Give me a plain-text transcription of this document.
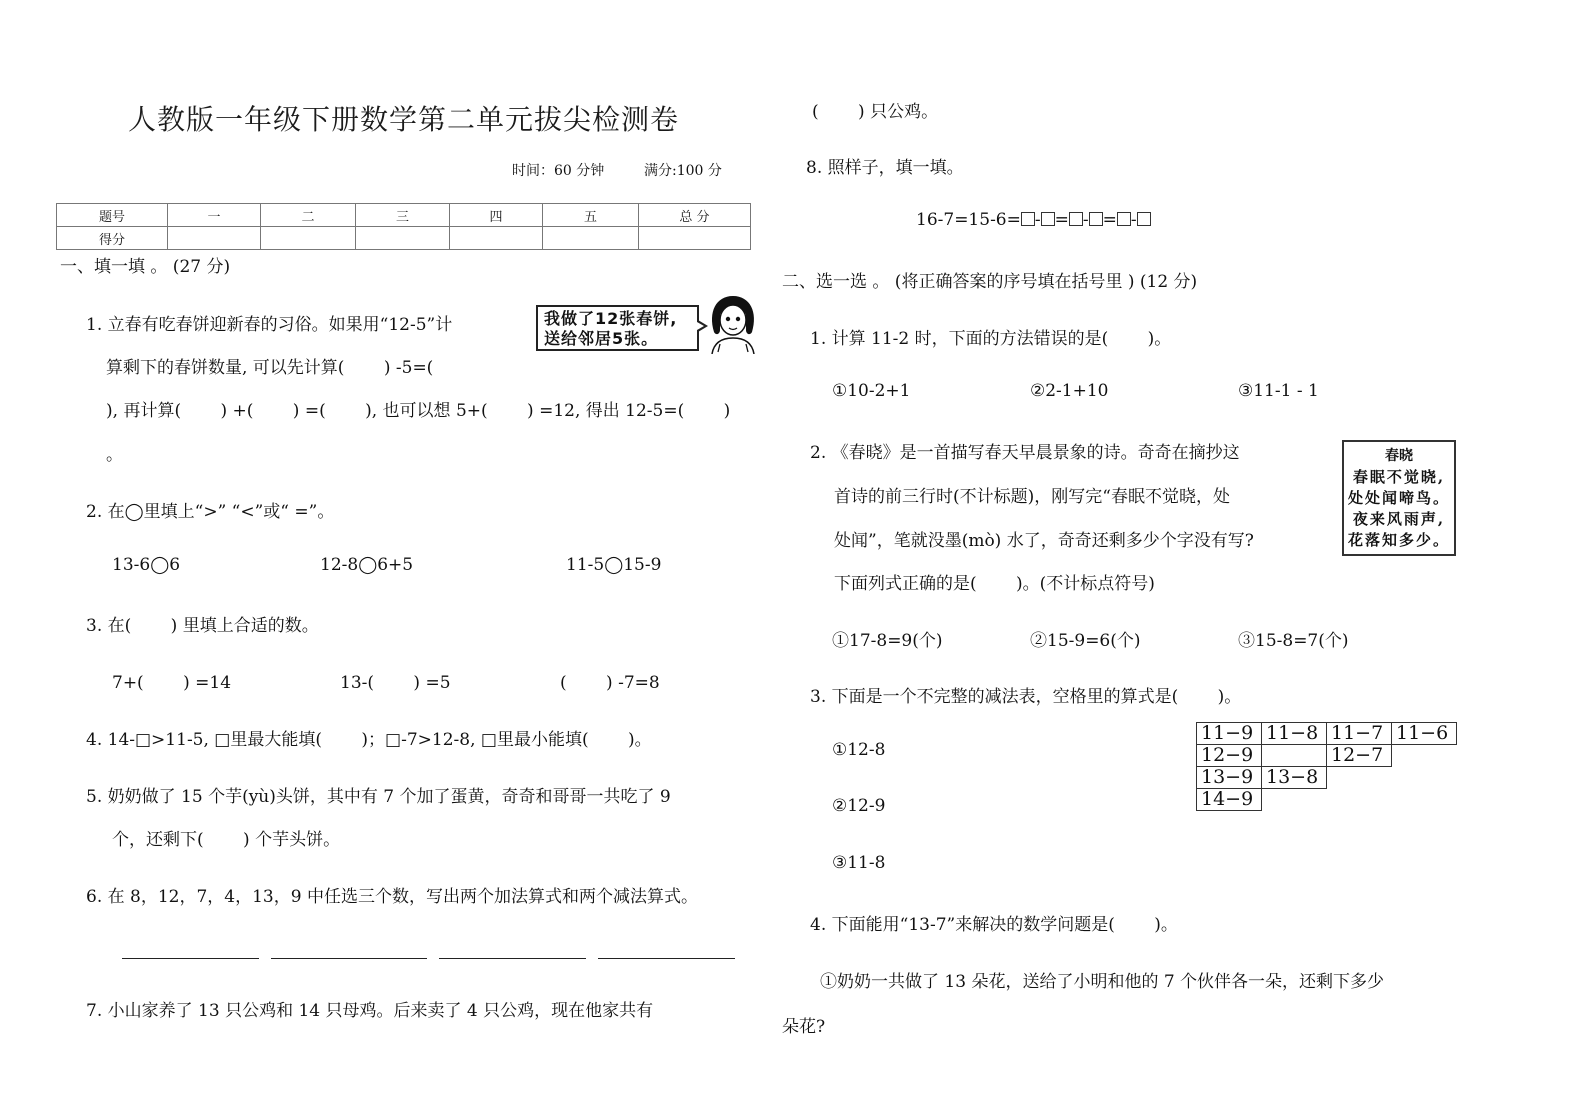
人教版一年级下册数学第二单元拔尖检测卷
时间：60 分钟	满分:100 分
题号	一	二	三	四	五	总 分
得分						
一、填一填 。 (27 分)
1. 立春有吃春饼迎新春的习俗。如果用“12-5”计
算剩下的春饼数量, 可以先计算(　　 ) -5=(
), 再计算(　　 ) +(　　 ) =(　　 ), 也可以想 5+(　　 ) =12, 得出 12-5=(　　 )
。
我做了12张春饼,
送给邻居5张。
2. 在◯里填上“>” “<”或“ =”。
13-6◯6	12-8◯6+5	11-5◯15-9
3. 在(　　 ) 里填上合适的数。
7+(　　 ) =14	13-(　　 ) =5	(　　 ) -7=8
4. 14-□>11-5, □里最大能填(　　 )；□-7>12-8, □里最小能填(　　 )。
5. 奶奶做了 15 个芋(yù)头饼，其中有 7 个加了蛋黄，奇奇和哥哥一共吃了 9
个，还剩下(　　 ) 个芋头饼。
6. 在 8，12，7，4，13，9 中任选三个数，写出两个加法算式和两个减法算式。
7. 小山家养了 13 只公鸡和 14 只母鸡。后来卖了 4 只公鸡，现在他家共有
(　　 ) 只公鸡。
8. 照样子，填一填。
16-7=15-6= - = - = -
二、选一选 。 (将正确答案的序号填在括号里 ) (12 分)
1. 计算 11-2 时，下面的方法错误的是(　　 )。
①10-2+1	②2-1+10	③11-1 - 1
2. 《春晓》是一首描写春天早晨景象的诗。奇奇在摘抄这
首诗的前三行时(不计标题)，刚写完“春眠不觉晓，处
处闻”，笔就没墨(mò) 水了，奇奇还剩多少个字没有写?
下面列式正确的是(　　 )。(不计标点符号)
春晓
春眠不觉晓,
处处闻啼鸟。
夜来风雨声,
花落知多少。
①17-8=9(个)	②15-9=6(个)	③15-8=7(个)
3. 下面是一个不完整的减法表，空格里的算式是(　　 )。
①12-8
②12-9
③11-8
11−9	11−8	11−7	11−6
12−9		12−7	
13−9	13−8		
14−9			
4. 下面能用“13-7”来解决的数学问题是(　　 )。
①奶奶一共做了 13 朵花，送给了小明和他的 7 个伙伴各一朵，还剩下多少
朵花?
